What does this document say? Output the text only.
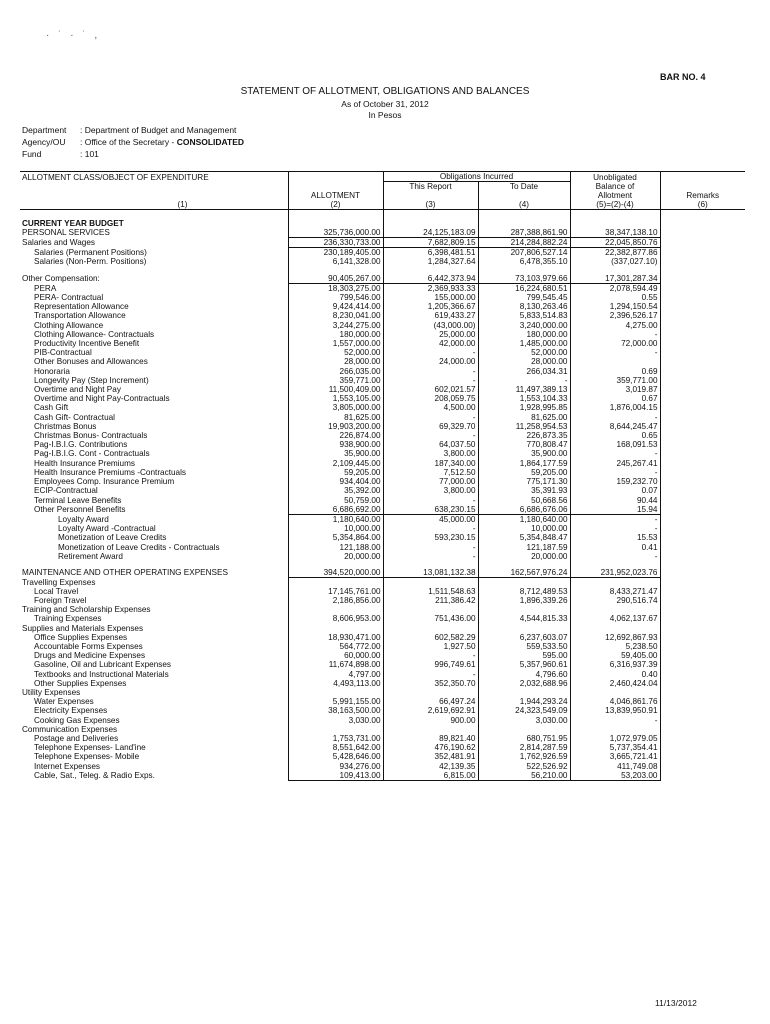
· ˙ · ˙ ,
BAR NO. 4
STATEMENT OF ALLOTMENT, OBLIGATIONS AND BALANCES
As of October 31, 2012
In Pesos
Department : Department of Budget and Management
Agency/OU : Office of the Secretary - CONSOLIDATED
Fund	: 101
ALLOTMENT CLASS/OBJECT OF EXPENDITURE		Obligations Incurred		Unobligated	
	ALLOTMENT	This Report	To Date	Balance of
Allotment	Remarks
(1)	(2)	(3)	(4)	(5)=(2)-(4)	(6)
CURRENT YEAR BUDGET					
PERSONAL SERVICES	325,736,000.00	24,125,183.09	287,388,861.90	38,347,138.10	
Salaries and Wages	236,330,733.00	7,682,809.15	214,284,882.24	22,045,850.76	
Salaries (Permanent Positions)	230,189,405.00	6,398,481.51	207,806,527.14	22,382,877.86	
Salaries (Non-Perm. Positions)	6,141,328.00	1,284,327.64	6,478,355.10	(337,027.10)	

Other Compensation:	90,405,267.00	6,442,373.94	73,103,979.66	17,301,287.34	
PERA	18,303,275.00	2,369,933.33	16,224,680.51	2,078,594.49	
PERA- Contractual	799,546.00	155,000.00	799,545.45	0.55	
Representation Allowance	9,424,414.00	1,205,366.67	8,130,263.46	1,294,150.54	
Transportation Allowance	8,230,041.00	619,433.27	5,833,514.83	2,396,526.17	
Clothing Allowance	3,244,275.00	(43,000.00)	3,240,000.00	4,275.00	
Clothing Allowance- Contractuals	180,000.00	25,000.00	180,000.00	-	
Productivity Incentive Benefit	1,557,000.00	42,000.00	1,485,000.00	72,000.00	
PIB-Contractual	52,000.00	-	52,000.00	-	
Other Bonuses and Allowances	28,000.00	24,000.00	28,000.00		
Honoraria	266,035.00	-	266,034.31	0.69	
Longevity Pay (Step Increment)	359,771.00	-	-	359,771.00	
Overtime and Night Pay	11,500,409.00	602,021.57	11,497,389.13	3,019.87	
Overtime and Night Pay-Contractuals	1,553,105.00	208,059.75	1,553,104.33	0.67	
Cash Gift	3,805,000.00	4,500.00	1,928,995.85	1,876,004.15	
Cash Gift- Contractual	81,625.00	-	81,625.00	-	
Christmas Bonus	19,903,200.00	69,329.70	11,258,954.53	8,644,245.47	
Christmas Bonus- Contractuals	226,874.00	-	226,873.35	0.65	
Pag-I.B.I.G. Contributions	938,900.00	64,037.50	770,808.47	168,091.53	
Pag-I.B.I.G. Cont - Contractuals	35,900.00	3,800.00	35,900.00	-	
Health Insurance Premiums	2,109,445.00	187,340.00	1,864,177.59	245,267.41	
Health Insurance Premiums -Contractuals	59,205.00	7,512.50	59,205.00	-	
Employees Comp. Insurance Premium	934,404.00	77,000.00	775,171.30	159,232.70	
ECIP-Contractual	35,392.00	3,800.00	35,391.93	0.07	
Terminal Leave Benefits	50,759.00	-	50,668.56	90.44	
Other Personnel Benefits	6,686,692.00	638,230.15	6,686,676.06	15.94	
Loyalty Award	1,180,640.00	45,000.00	1,180,640.00	-	
Loyalty Award -Contractual	10,000.00	-	10,000.00	-	
Monetization of Leave Credits	5,354,864.00	593,230.15	5,354,848.47	15.53	
Monetization of Leave Credits - Contractuals	121,188.00	-	121,187.59	0.41	
Retirement Award	20,000.00	-	20,000.00	-	

MAINTENANCE AND OTHER OPERATING EXPENSES	394,520,000.00	13,081,132.38	162,567,976.24	231,952,023.76	
Travelling Expenses					
Local Travel	17,145,761.00	1,511,548.63	8,712,489.53	8,433,271.47	
Foreign Travel	2,186,856.00	211,386.42	1,896,339.26	290,516.74	
Training and Scholarship Expenses					
Training Expenses	8,606,953.00	751,436.00	4,544,815.33	4,062,137.67	
Supplies and Materials Expenses					
Office Supplies Expenses	18,930,471.00	602,582.29	6,237,603.07	12,692,867.93	
Accountable Forms Expenses	564,772.00	1,927.50	559,533.50	5,238.50	
Drugs and Medicine Expenses	60,000.00	-	595.00	59,405.00	
Gasoline, Oil and Lubricant Expenses	11,674,898.00	996,749.61	5,357,960.61	6,316,937.39	
Textbooks and Instructional Materials	4,797.00	-	4,796.60	0.40	
Other Supplies Expenses	4,493,113.00	352,350.70	2,032,688.96	2,460,424.04	
Utility Expenses					
Water Expenses	5,991,155.00	66,497.24	1,944,293.24	4,046,861.76	
Electricity Expenses	38,163,500.00	2,619,692.91	24,323,549.09	13,839,950.91	
Cooking Gas Expenses	3,030.00	900.00	3,030.00	-	
Communication Expenses					
Postage and Deliveries	1,753,731.00	89,821.40	680,751.95	1,072,979.05	
Telephone Expenses- Land'ine	8,551,642.00	476,190.62	2,814,287.59	5,737,354.41	
Telephone Expenses- Mobile	5,428,646.00	352,481.91	1,762,926.59	3,665,721.41	
Internet Expenses	934,276.00	42,139.35	522,526.92	411,749.08	
Cable, Sat., Teleg. & Radio Exps.	109,413.00	6,815.00	56,210.00	53,203.00	
11/13/2012
